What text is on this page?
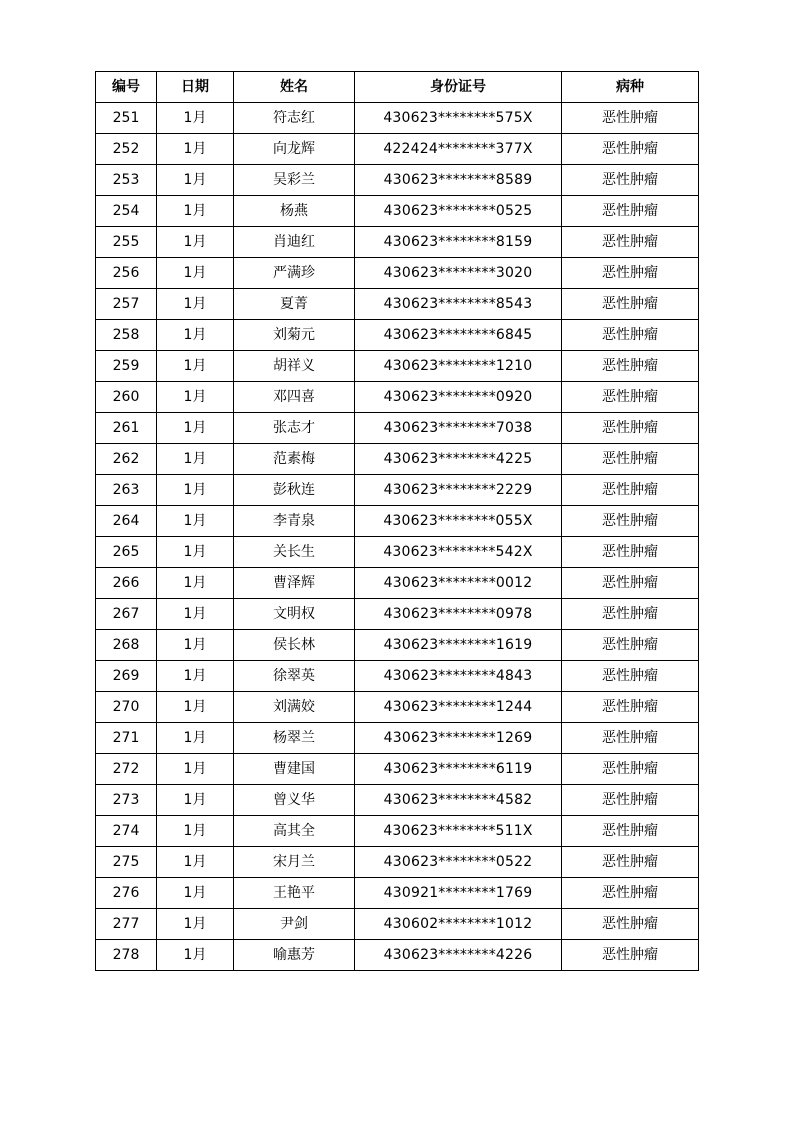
编号	日期	姓名	身份证号	病种
251	1月	符志红	430623********575X	恶性肿瘤
252	1月	向龙辉	422424********377X	恶性肿瘤
253	1月	吴彩兰	430623********8589	恶性肿瘤
254	1月	杨燕	430623********0525	恶性肿瘤
255	1月	肖迪红	430623********8159	恶性肿瘤
256	1月	严满珍	430623********3020	恶性肿瘤
257	1月	夏菁	430623********8543	恶性肿瘤
258	1月	刘菊元	430623********6845	恶性肿瘤
259	1月	胡祥义	430623********1210	恶性肿瘤
260	1月	邓四喜	430623********0920	恶性肿瘤
261	1月	张志才	430623********7038	恶性肿瘤
262	1月	范素梅	430623********4225	恶性肿瘤
263	1月	彭秋连	430623********2229	恶性肿瘤
264	1月	李青泉	430623********055X	恶性肿瘤
265	1月	关长生	430623********542X	恶性肿瘤
266	1月	曹泽辉	430623********0012	恶性肿瘤
267	1月	文明权	430623********0978	恶性肿瘤
268	1月	侯长林	430623********1619	恶性肿瘤
269	1月	徐翠英	430623********4843	恶性肿瘤
270	1月	刘满姣	430623********1244	恶性肿瘤
271	1月	杨翠兰	430623********1269	恶性肿瘤
272	1月	曹建国	430623********6119	恶性肿瘤
273	1月	曾义华	430623********4582	恶性肿瘤
274	1月	高其全	430623********511X	恶性肿瘤
275	1月	宋月兰	430623********0522	恶性肿瘤
276	1月	王艳平	430921********1769	恶性肿瘤
277	1月	尹剑	430602********1012	恶性肿瘤
278	1月	喻惠芳	430623********4226	恶性肿瘤
